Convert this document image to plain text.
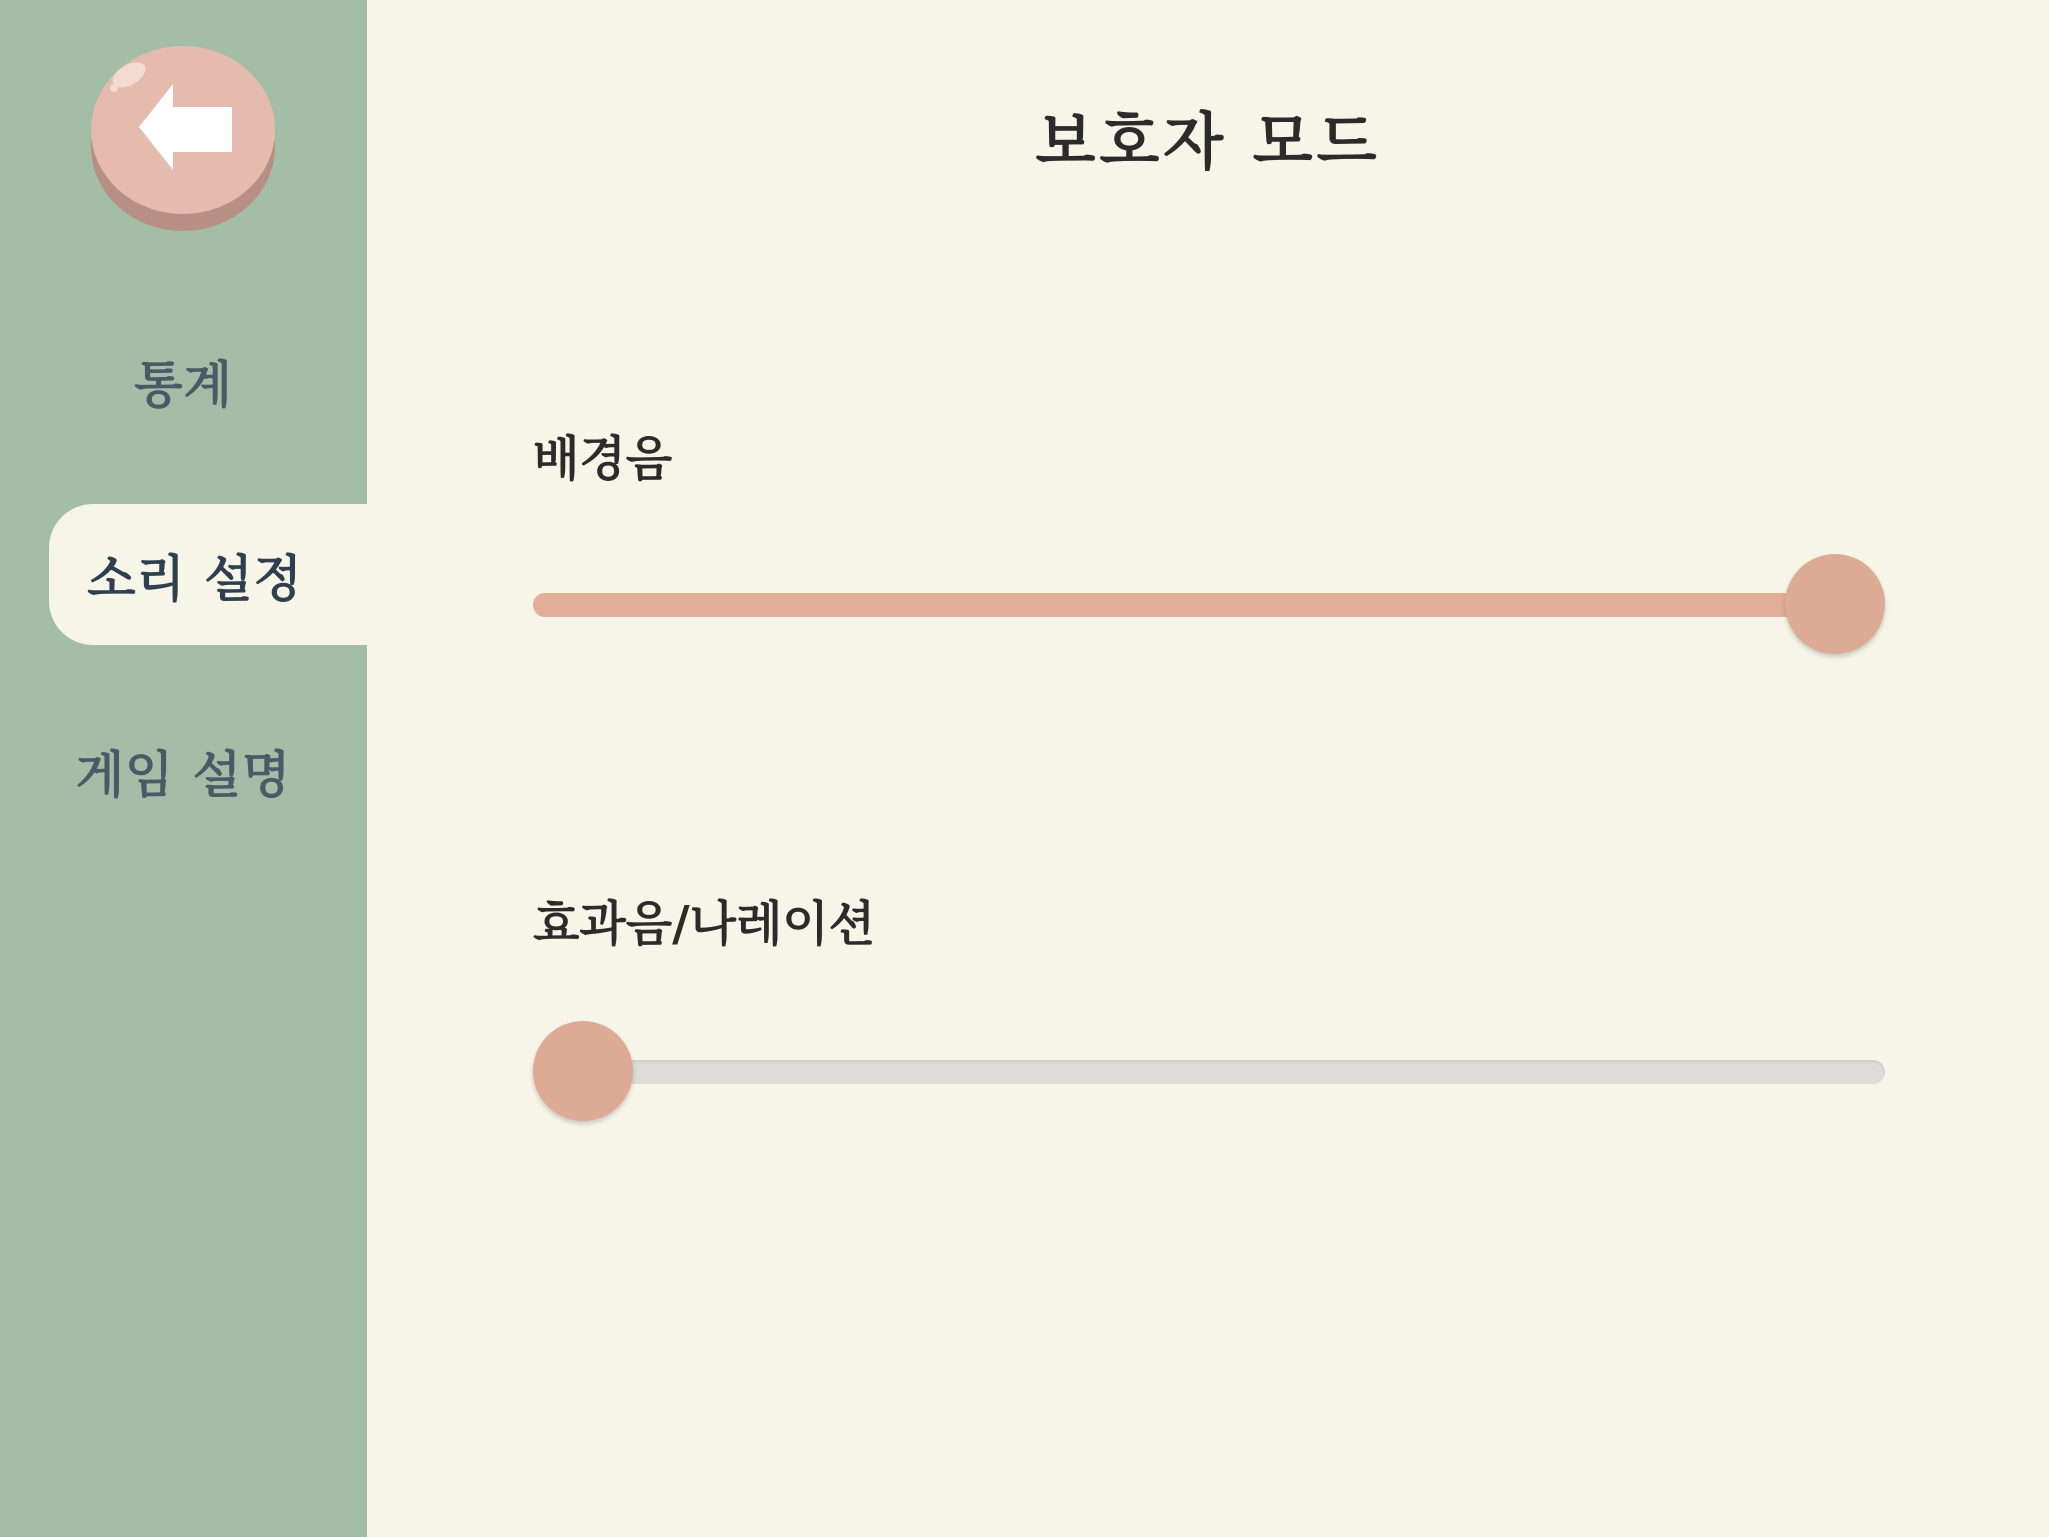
통계
소리 설정
게임 설명
보호자 모드
배경음
효과음/나레이션
